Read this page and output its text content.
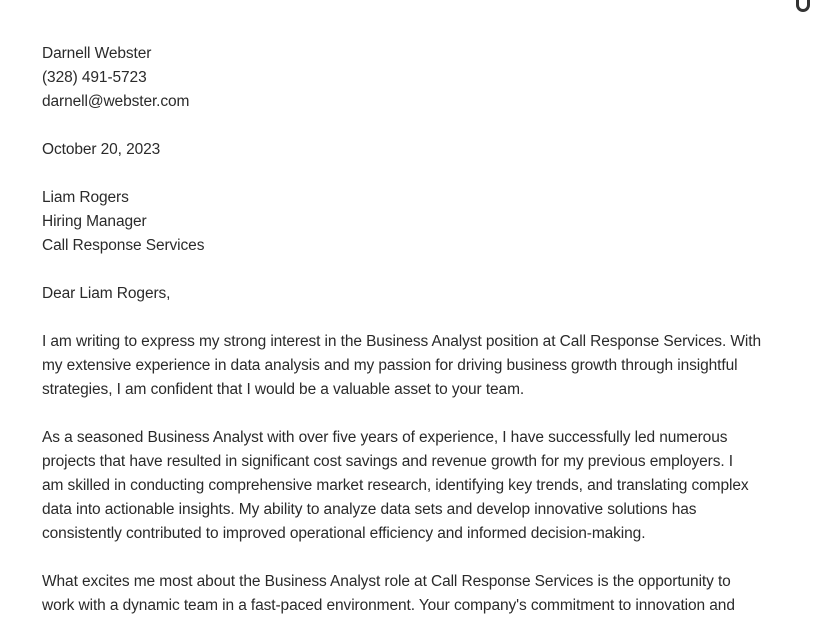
Darnell Webster
(328) 491-5723
darnell@webster.com
October 20, 2023
Liam Rogers
Hiring Manager
Call Response Services
Dear Liam Rogers,
I am writing to express my strong interest in the Business Analyst position at Call Response Services. With
my extensive experience in data analysis and my passion for driving business growth through insightful
strategies, I am confident that I would be a valuable asset to your team.
As a seasoned Business Analyst with over five years of experience, I have successfully led numerous
projects that have resulted in significant cost savings and revenue growth for my previous employers. I
am skilled in conducting comprehensive market research, identifying key trends, and translating complex
data into actionable insights. My ability to analyze data sets and develop innovative solutions has
consistently contributed to improved operational efficiency and informed decision-making.
What excites me most about the Business Analyst role at Call Response Services is the opportunity to
work with a dynamic team in a fast-paced environment. Your company's commitment to innovation and
